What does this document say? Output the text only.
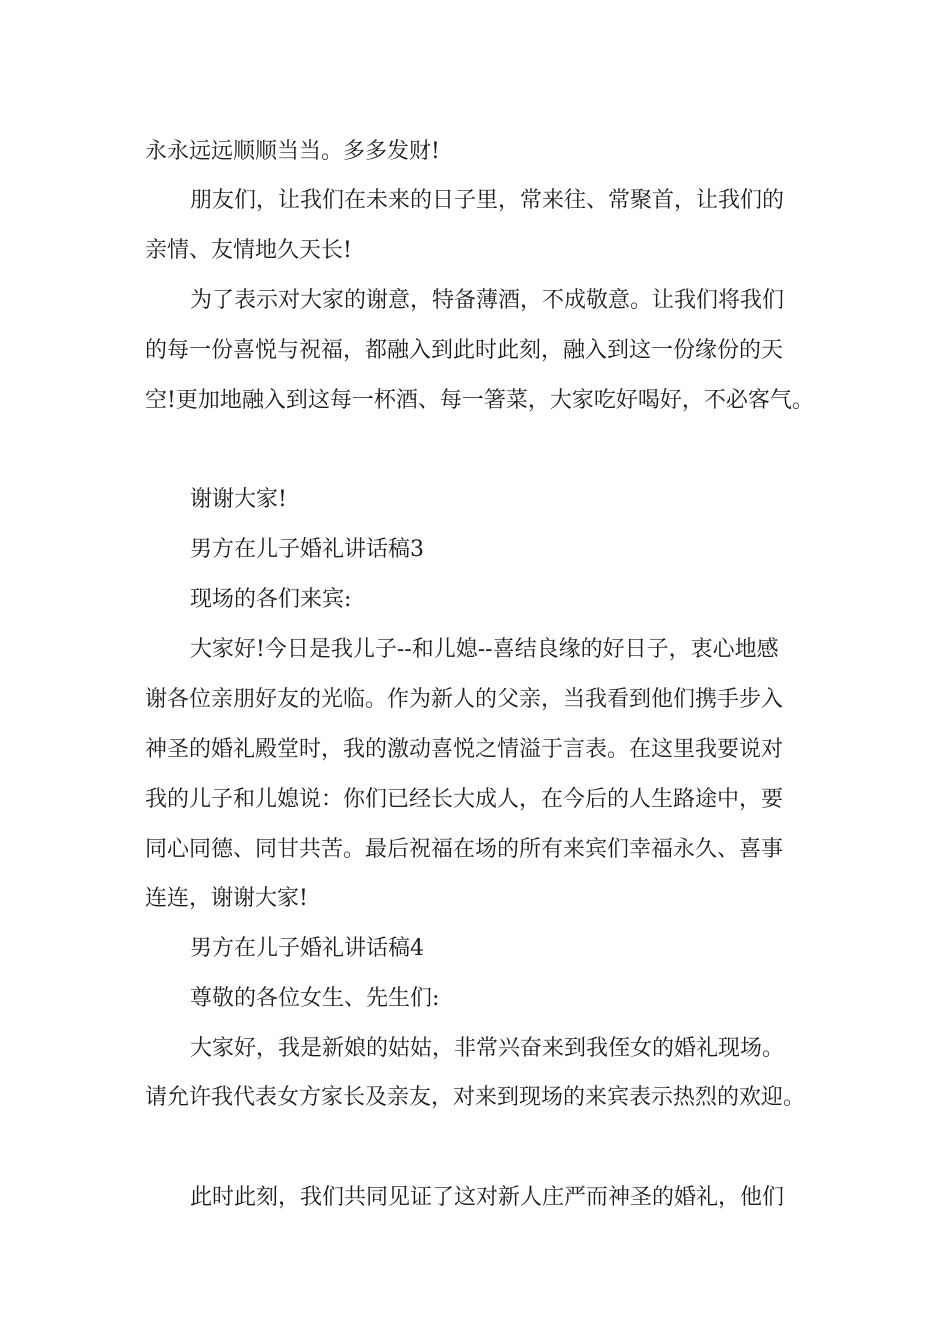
永永远远顺顺当当。多多发财!
朋友们，让我们在未来的日子里，常来往、常聚首，让我们的
亲情、友情地久天长!
为了表示对大家的谢意，特备薄酒，不成敬意。让我们将我们
的每一份喜悦与祝福，都融入到此时此刻，融入到这一份缘份的天
空!更加地融入到这每一杯酒、每一箸菜，大家吃好喝好，不必客气。
谢谢大家!
男方在儿子婚礼讲话稿3
现场的各们来宾:
大家好!今日是我儿子--和儿媳--喜结良缘的好日子，衷心地感
谢各位亲朋好友的光临。作为新人的父亲，当我看到他们携手步入
神圣的婚礼殿堂时，我的激动喜悦之情溢于言表。在这里我要说对
我的儿子和儿媳说：你们已经长大成人，在今后的人生路途中，要
同心同德、同甘共苦。最后祝福在场的所有来宾们幸福永久、喜事
连连，谢谢大家!
男方在儿子婚礼讲话稿4
尊敬的各位女生、先生们:
大家好，我是新娘的姑姑，非常兴奋来到我侄女的婚礼现场。
请允许我代表女方家长及亲友，对来到现场的来宾表示热烈的欢迎。
此时此刻，我们共同见证了这对新人庄严而神圣的婚礼，他们
